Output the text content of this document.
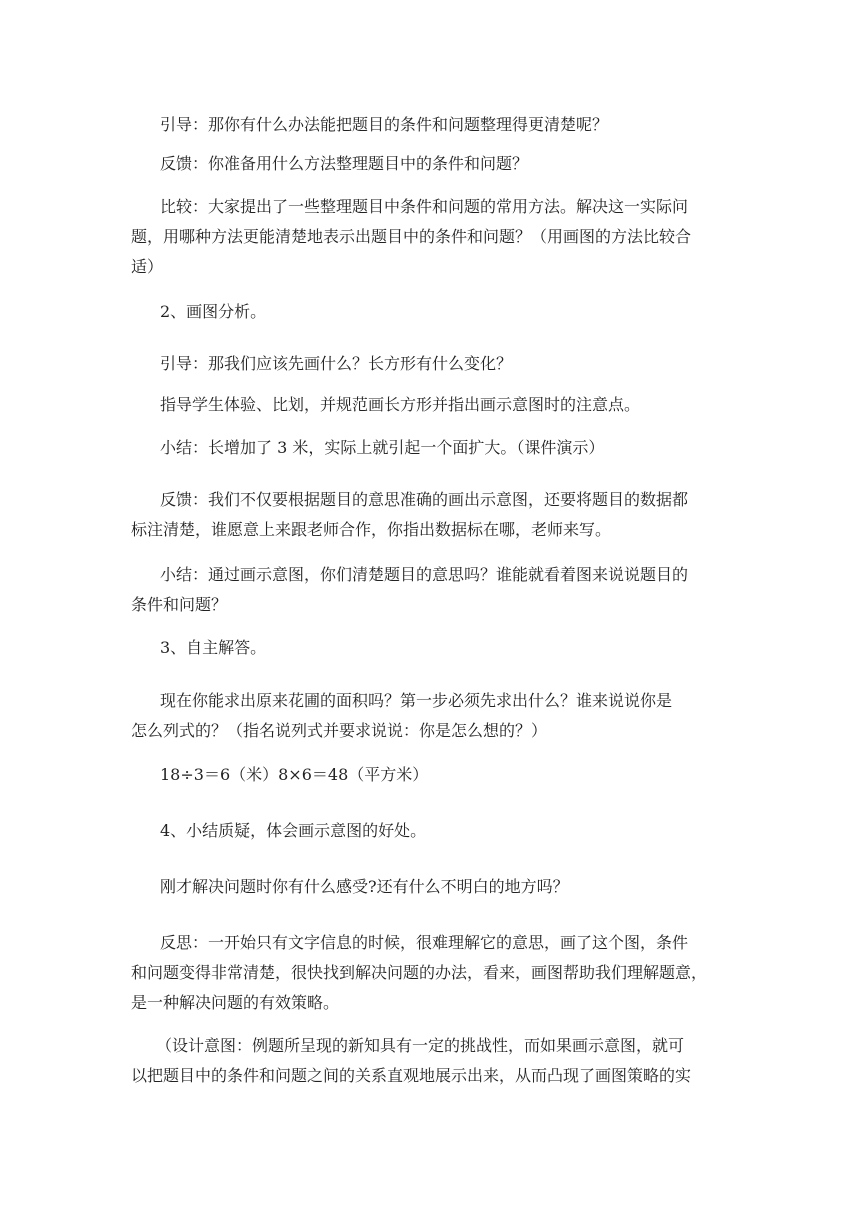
引导：那你有什么办法能把题目的条件和问题整理得更清楚呢？

反馈：你准备用什么方法整理题目中的条件和问题？

比较：大家提出了一些整理题目中条件和问题的常用方法。解决这一实际问
题，用哪种方法更能清楚地表示出题目中的条件和问题？（用画图的方法比较合
适）

2、画图分析。

引导：那我们应该先画什么？长方形有什么变化？

指导学生体验、比划，并规范画长方形并指出画示意图时的注意点。

小结：长增加了 3 米，实际上就引起一个面扩大。（课件演示）

反馈：我们不仅要根据题目的意思准确的画出示意图，还要将题目的数据都
标注清楚，谁愿意上来跟老师合作，你指出数据标在哪，老师来写。

小结：通过画示意图，你们清楚题目的意思吗？谁能就看着图来说说题目的
条件和问题？

3、自主解答。

现在你能求出原来花圃的面积吗？第一步必须先求出什么？谁来说说你是
怎么列式的？（指名说列式并要求说说：你是怎么想的？）

18÷3＝6（米）8×6＝48（平方米）

4、小结质疑，体会画示意图的好处。

刚才解决问题时你有什么感受?还有什么不明白的地方吗？

反思：一开始只有文字信息的时候，很难理解它的意思，画了这个图，条件
和问题变得非常清楚，很快找到解决问题的办法，看来，画图帮助我们理解题意，
是一种解决问题的有效策略。

（设计意图：例题所呈现的新知具有一定的挑战性，而如果画示意图，就可
以把题目中的条件和问题之间的关系直观地展示出来，从而凸现了画图策略的实
